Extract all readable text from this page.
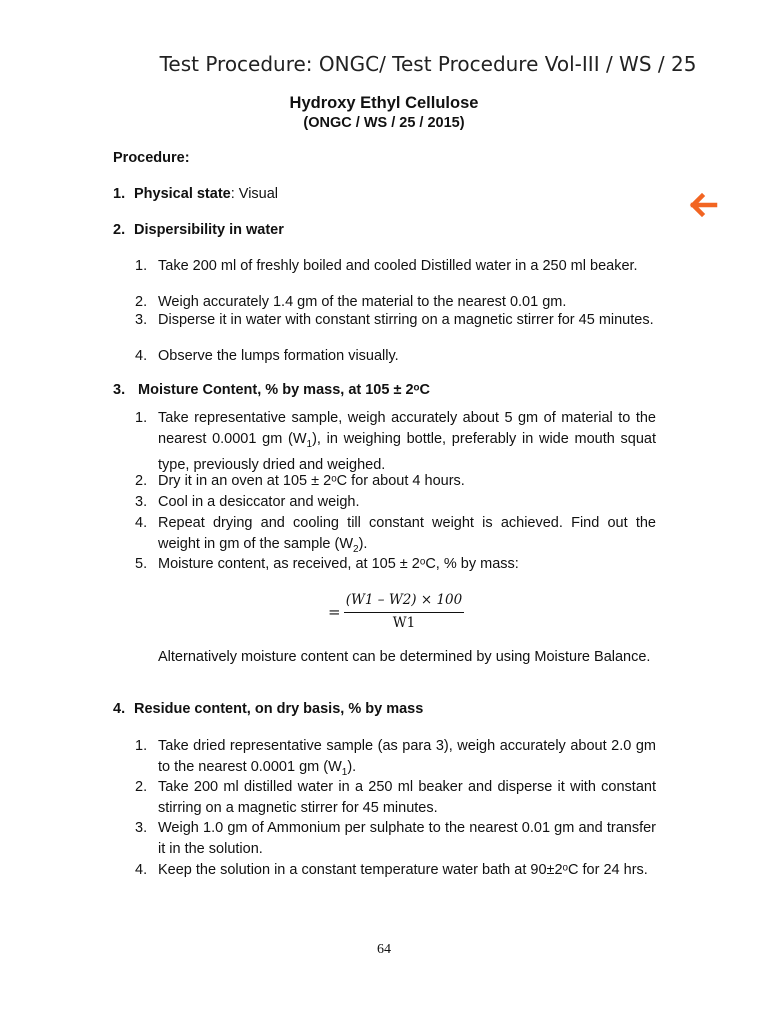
Test Procedure: ONGC/ Test Procedure Vol-III / WS / 25
Hydroxy Ethyl Cellulose
(ONGC / WS / 25 / 2015)
Procedure:
1. Physical state: Visual
2. Dispersibility in water
1. Take 200 ml of freshly boiled and cooled Distilled water in a 250 ml beaker.
2. Weigh accurately 1.4 gm of the material to the nearest 0.01 gm.
3. Disperse it in water with constant stirring on a magnetic stirrer for 45 minutes.
4. Observe the lumps formation visually.
3. Moisture Content, % by mass, at 105 ± 2ᵒC
1. Take representative sample, weigh accurately about 5 gm of material to the nearest 0.0001 gm $(W_1)$, in weighing bottle, preferably in wide mouth squat type, previously dried and weighed.
2. Dry it in an oven at 105 ± 2ᵒC for about 4 hours.
3. Cool in a desiccator and weigh.
4. Repeat drying and cooling till constant weight is achieved. Find out the weight in gm of the sample $(W_2)$.
5. Moisture content, as received, at 105 ± 2ᵒC, % by mass:
=
(W1 – W2) × 100
W1
Alternatively moisture content can be determined by using Moisture Balance.
4. Residue content, on dry basis, % by mass
1. Take dried representative sample (as para 3), weigh accurately about 2.0 gm to the nearest 0.0001 gm $(W_1)$.
2. Take 200 ml distilled water in a 250 ml beaker and disperse it with constant stirring on a magnetic stirrer for 45 minutes.
3. Weigh 1.0 gm of Ammonium per sulphate to the nearest 0.01 gm and transfer it in the solution.
4. Keep the solution in a constant temperature water bath at 90±2ᵒC for 24 hrs.
64
